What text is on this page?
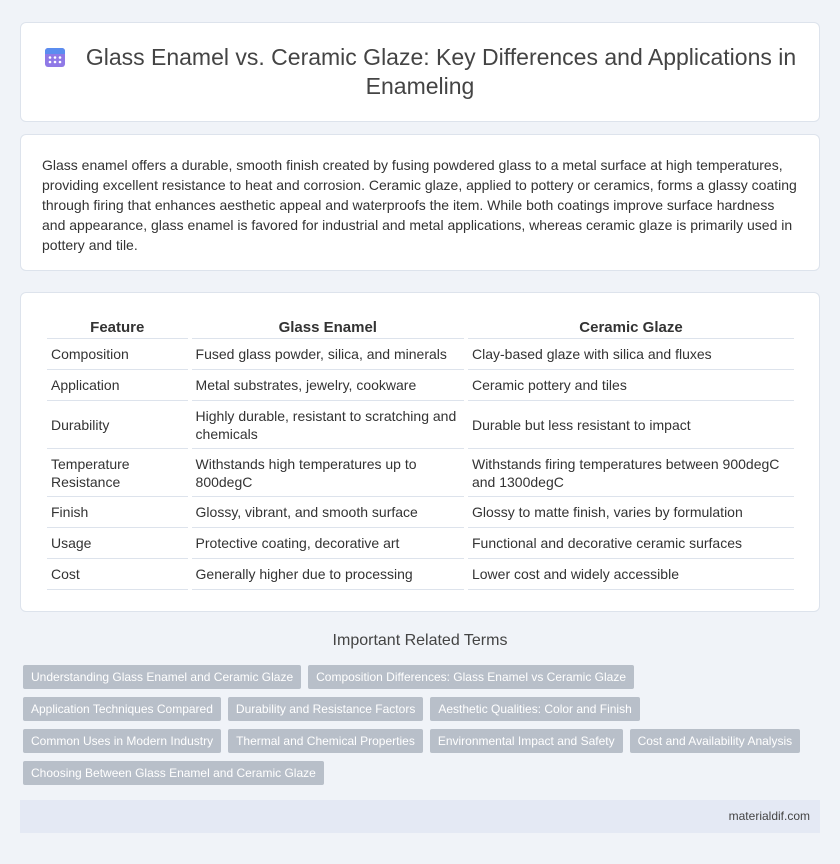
Glass Enamel vs. Ceramic Glaze: Key Differences and Applications in Enameling

Glass enamel offers a durable, smooth finish created by fusing powdered glass to a metal surface at high temperatures, providing excellent resistance to heat and corrosion. Ceramic glaze, applied to pottery or ceramics, forms a glassy coating through firing that enhances aesthetic appeal and waterproofs the item. While both coatings improve surface hardness and appearance, glass enamel is favored for industrial and metal applications, whereas ceramic glaze is primarily used in pottery and tile.

Feature	Glass Enamel	Ceramic Glaze
Composition	Fused glass powder, silica, and minerals	Clay-based glaze with silica and fluxes
Application	Metal substrates, jewelry, cookware	Ceramic pottery and tiles
Durability	Highly durable, resistant to scratching and chemicals	Durable but less resistant to impact
Temperature Resistance	Withstands high temperatures up to 800degC	Withstands firing temperatures between 900degC and 1300degC
Finish	Glossy, vibrant, and smooth surface	Glossy to matte finish, varies by formulation
Usage	Protective coating, decorative art	Functional and decorative ceramic surfaces
Cost	Generally higher due to processing	Lower cost and widely accessible
Important Related Terms
Understanding Glass Enamel and Ceramic Glaze	Composition Differences: Glass Enamel vs Ceramic Glaze
Application Techniques Compared	Durability and Resistance Factors	Aesthetic Qualities: Color and Finish
Common Uses in Modern Industry	Thermal and Chemical Properties	Environmental Impact and Safety	Cost and Availability Analysis
Choosing Between Glass Enamel and Ceramic Glaze
materialdif.com
